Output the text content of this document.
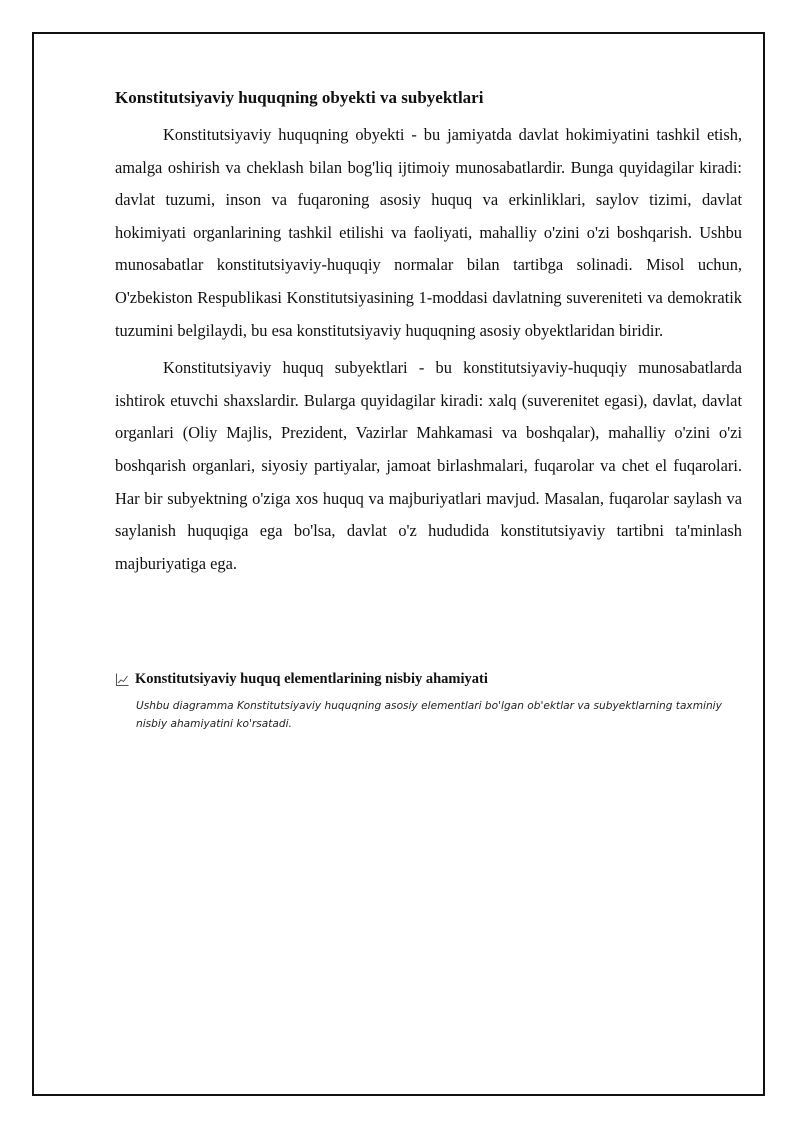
Konstitutsiyaviy huquqning obyekti va subyektlari

Konstitutsiyaviy huquqning obyekti - bu jamiyatda davlat hokimiyatini tashkil etish, amalga oshirish va cheklash bilan bog'liq ijtimoiy munosabatlardir. Bunga quyidagilar kiradi: davlat tuzumi, inson va fuqaroning asosiy huquq va erkinliklari, saylov tizimi, davlat hokimiyati organlarining tashkil etilishi va faoliyati, mahalliy o'zini o'zi boshqarish. Ushbu munosabatlar konstitutsiyaviy-huquqiy normalar bilan tartibga solinadi. Misol uchun, O'zbekiston Respublikasi Konstitutsiyasining 1-moddasi davlatning suvereniteti va demokratik tuzumini belgilaydi, bu esa konstitutsiyaviy huquqning asosiy obyektlaridan biridir.

Konstitutsiyaviy huquq subyektlari - bu konstitutsiyaviy-huquqiy munosabatlarda ishtirok etuvchi shaxslardir. Bularga quyidagilar kiradi: xalq (suverenitet egasi), davlat, davlat organlari (Oliy Majlis, Prezident, Vazirlar Mahkamasi va boshqalar), mahalliy o'zini o'zi boshqarish organlari, siyosiy partiyalar, jamoat birlashmalari, fuqarolar va chet el fuqarolari. Har bir subyektning o'ziga xos huquq va majburiyatlari mavjud. Masalan, fuqarolar saylash va saylanish huquqiga ega bo'lsa, davlat o'z hududida konstitutsiyaviy tartibni ta'minlash majburiyatiga ega.

Konstitutsiyaviy huquq elementlarining nisbiy ahamiyati
Ushbu diagramma Konstitutsiyaviy huquqning asosiy elementlari bo'lgan ob'ektlar va subyektlarning taxminiy nisbiy ahamiyatini ko'rsatadi.
